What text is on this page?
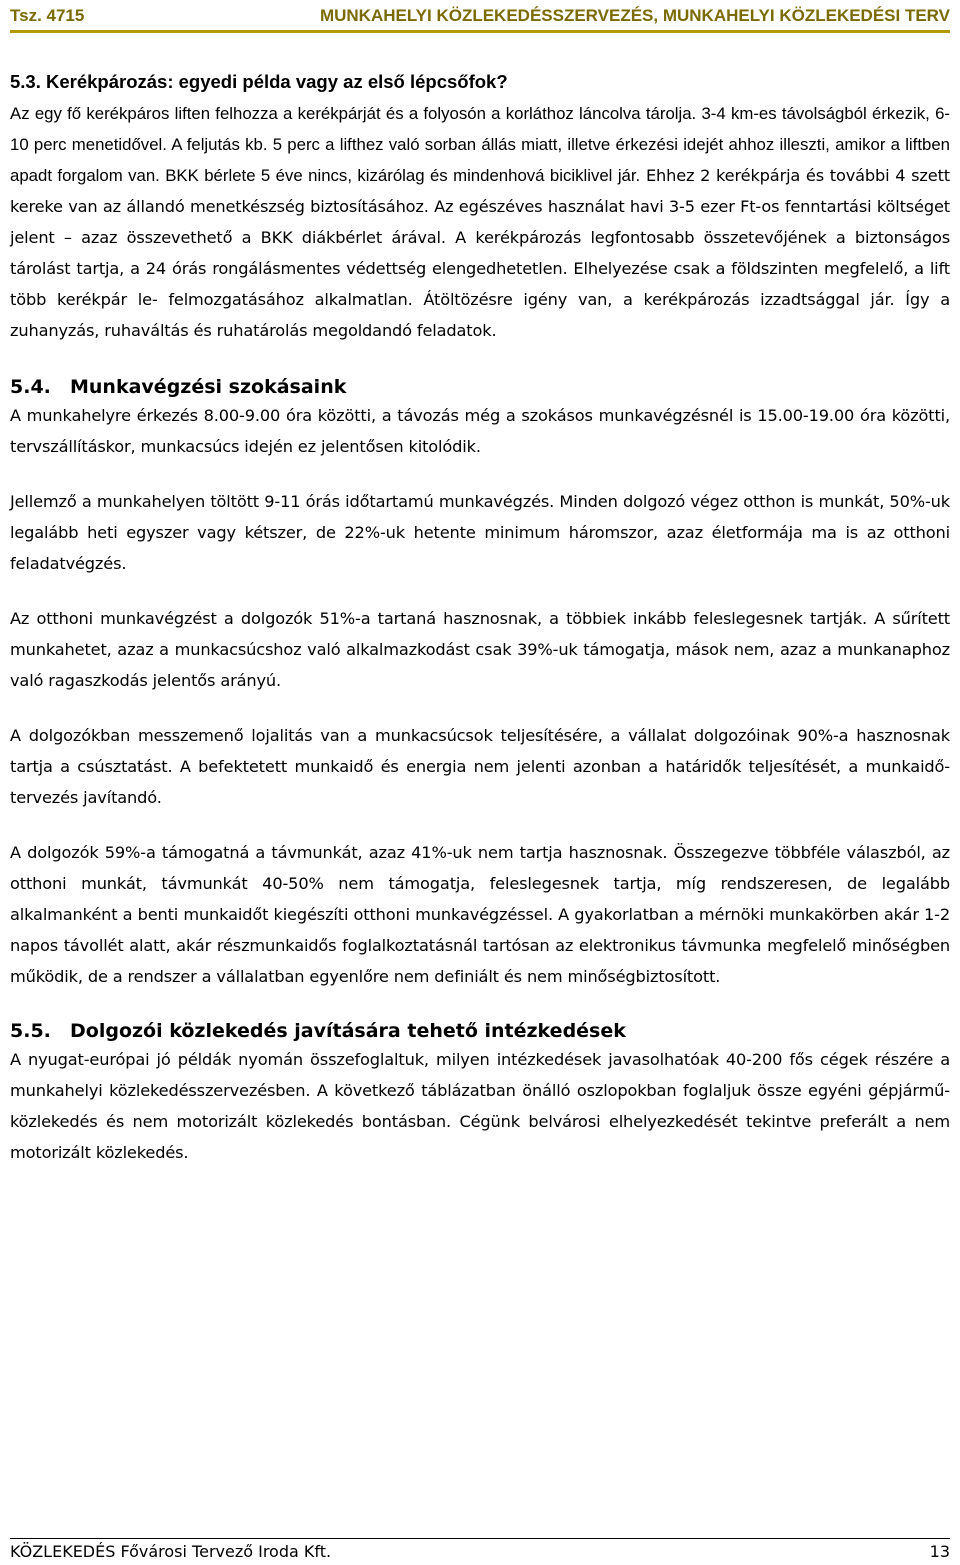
Tsz. 4715	MUNKAHELYI KÖZLEKEDÉSSZERVEZÉS, MUNKAHELYI KÖZLEKEDÉSI TERV
5.3. Kerékpározás: egyedi példa vagy az első lépcsőfok?

Az egy fő kerékpáros liften felhozza a kerékpárját és a folyosón a korláthoz láncolva tárolja. 3-4 km-es távolságból érkezik, 6-10 perc menetidővel. A feljutás kb. 5 perc a lifthez való sorban állás miatt, illetve érkezési idejét ahhoz illeszti, amikor a liftben apadt forgalom van. BKK bérlete 5 éve nincs, kizárólag és mindenhová biciklivel jár. Ehhez 2 kerékpárja és további 4 szett kereke van az állandó menetkészség biztosításához. Az egészéves használat havi 3-5 ezer Ft-os fenntartási költséget jelent – azaz összevethető a BKK diákbérlet árával. A kerékpározás legfontosabb összetevőjének a biztonságos tárolást tartja, a 24 órás rongálásmentes védettség elengedhetetlen. Elhelyezése csak a földszinten megfelelő, a lift több kerékpár le- felmozgatásához alkalmatlan. Átöltözésre igény van, a kerékpározás izzadtsággal jár. Így a zuhanyzás, ruhaváltás és ruhatárolás megoldandó feladatok.

5.4. Munkavégzési szokásaink

A munkahelyre érkezés 8.00-9.00 óra közötti, a távozás még a szokásos munkavégzésnél is 15.00-19.00 óra közötti, tervszállításkor, munkacsúcs idején ez jelentősen kitolódik.

Jellemző a munkahelyen töltött 9-11 órás időtartamú munkavégzés. Minden dolgozó végez otthon is munkát, 50%-uk legalább heti egyszer vagy kétszer, de 22%-uk hetente minimum háromszor, azaz életformája ma is az otthoni feladatvégzés.

Az otthoni munkavégzést a dolgozók 51%-a tartaná hasznosnak, a többiek inkább feleslegesnek tartják. A sűrített munkahetet, azaz a munkacsúcshoz való alkalmazkodást csak 39%-uk támogatja, mások nem, azaz a munkanaphoz való ragaszkodás jelentős arányú.

A dolgozókban messzemenő lojalitás van a munkacsúcsok teljesítésére, a vállalat dolgozóinak 90%-a hasznosnak tartja a csúsztatást. A befektetett munkaidő és energia nem jelenti azonban a határidők teljesítését, a munkaidő-tervezés javítandó.

A dolgozók 59%-a támogatná a távmunkát, azaz 41%-uk nem tartja hasznosnak. Összegezve többféle válaszból, az otthoni munkát, távmunkát 40-50% nem támogatja, feleslegesnek tartja, míg rendszeresen, de legalább alkalmanként a benti munkaidőt kiegészíti otthoni munkavégzéssel. A gyakorlatban a mérnöki munkakörben akár 1-2 napos távollét alatt, akár részmunkaidős foglalkoztatásnál tartósan az elektronikus távmunka megfelelő minőségben működik, de a rendszer a vállalatban egyenlőre nem definiált és nem minőségbiztosított.

5.5. Dolgozói közlekedés javítására tehető intézkedések

A nyugat-európai jó példák nyomán összefoglaltuk, milyen intézkedések javasolhatóak 40-200 fős cégek részére a munkahelyi közlekedésszervezésben. A következő táblázatban önálló oszlopokban foglaljuk össze egyéni gépjármű-közlekedés és nem motorizált közlekedés bontásban. Cégünk belvárosi elhelyezkedését tekintve preferált a nem motorizált közlekedés.

KÖZLEKEDÉS Fővárosi Tervező Iroda Kft.	13
